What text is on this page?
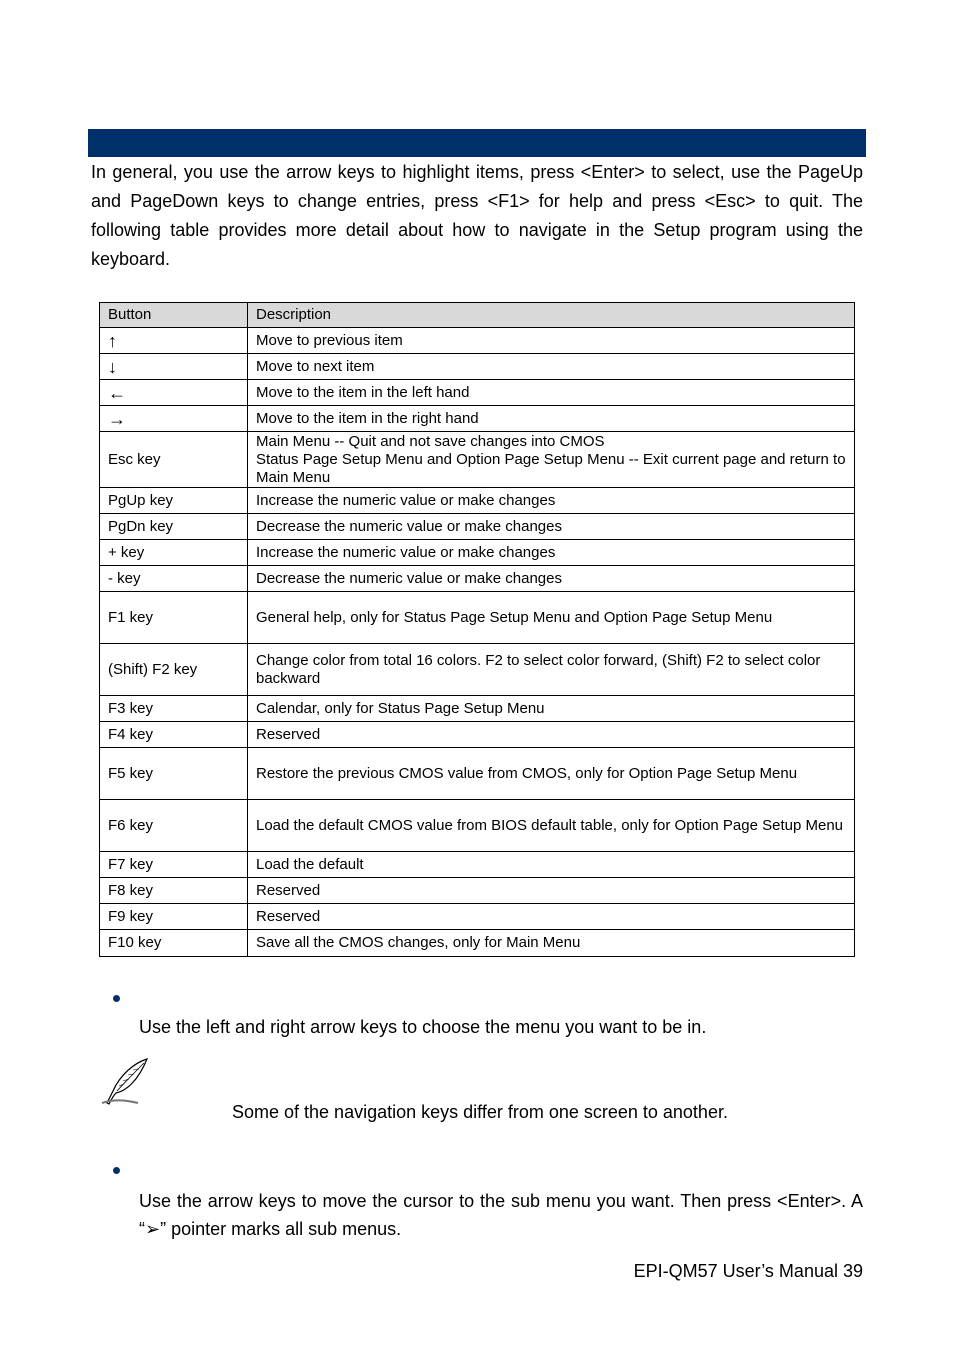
In general, you use the arrow keys to highlight items, press <Enter> to select, use the PageUp and PageDown keys to change entries, press <F1> for help and press <Esc> to quit. The following table provides more detail about how to navigate in the Setup program using the keyboard.

Button	Description
↑	Move to previous item

↓	Move to next item

←	Move to the item in the left hand

→	Move to the item in the right hand

Esc key	Main Menu -- Quit and not save changes into CMOS
Status Page Setup Menu and Option Page Setup Menu -- Exit current page and return to Main Menu

PgUp key	Increase the numeric value or make changes

PgDn key	Decrease the numeric value or make changes

+ key	Increase the numeric value or make changes

- key	Decrease the numeric value or make changes

F1 key	General help, only for Status Page Setup Menu and Option Page Setup Menu

(Shift) F2 key	Change color from total 16 colors. F2 to select color forward, (Shift) F2 to select color backward

F3 key	Calendar, only for Status Page Setup Menu

F4 key	Reserved

F5 key	Restore the previous CMOS value from CMOS, only for Option Page Setup Menu

F6 key	Load the default CMOS value from BIOS default table, only for Option Page Setup Menu

F7 key	Load the default

F8 key	Reserved

F9 key	Reserved

F10 key	Save all the CMOS changes, only for Main Menu

Use the left and right arrow keys to choose the menu you want to be in.

Some of the navigation keys differ from one screen to another.

Use the arrow keys to move the cursor to the sub menu you want. Then press <Enter>. A “➢” pointer marks all sub menus.

EPI-QM57 User’s Manual 39
